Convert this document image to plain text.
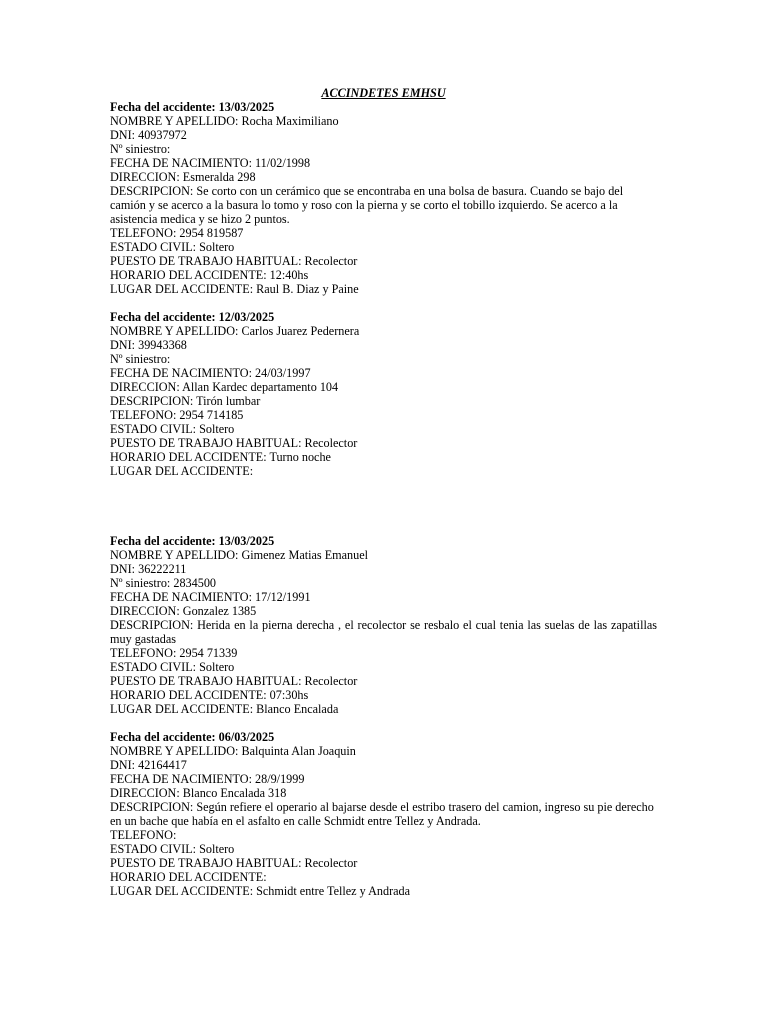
ACCINDETES EMHSU

Fecha del accidente: 13/03/2025

NOMBRE Y APELLIDO: Rocha Maximiliano

DNI: 40937972

Nº siniestro:

FECHA DE NACIMIENTO: 11/02/1998

DIRECCION: Esmeralda 298

DESCRIPCION: Se corto con un cerámico que se encontraba en una bolsa de basura. Cuando se bajo del camión y se acerco a la basura lo tomo y roso con la pierna y se corto el tobillo izquierdo. Se acerco a la asistencia medica y se hizo 2 puntos.

TELEFONO: 2954 819587

ESTADO CIVIL: Soltero

PUESTO DE TRABAJO HABITUAL: Recolector

HORARIO DEL ACCIDENTE: 12:40hs

LUGAR DEL ACCIDENTE: Raul B. Diaz y Paine

Fecha del accidente: 12/03/2025

NOMBRE Y APELLIDO: Carlos Juarez Pedernera

DNI: 39943368

Nº siniestro:

FECHA DE NACIMIENTO: 24/03/1997

DIRECCION: Allan Kardec departamento 104

DESCRIPCION: Tirón lumbar

TELEFONO: 2954 714185

ESTADO CIVIL: Soltero

PUESTO DE TRABAJO HABITUAL: Recolector

HORARIO DEL ACCIDENTE: Turno noche

LUGAR DEL ACCIDENTE:

Fecha del accidente: 13/03/2025

NOMBRE Y APELLIDO: Gimenez Matias Emanuel

DNI: 36222211

Nº siniestro: 2834500

FECHA DE NACIMIENTO: 17/12/1991

DIRECCION: Gonzalez 1385

DESCRIPCION: Herida en la pierna derecha , el recolector se resbalo el cual tenia las suelas de las zapatillas muy gastadas

TELEFONO: 2954 71339

ESTADO CIVIL: Soltero

PUESTO DE TRABAJO HABITUAL: Recolector

HORARIO DEL ACCIDENTE: 07:30hs

LUGAR DEL ACCIDENTE: Blanco Encalada

Fecha del accidente: 06/03/2025

NOMBRE Y APELLIDO: Balquinta Alan Joaquin

DNI: 42164417

FECHA DE NACIMIENTO: 28/9/1999

DIRECCION: Blanco Encalada 318

DESCRIPCION: Según refiere el operario al bajarse desde el estribo trasero del camion, ingreso su pie derecho en un bache que había en el asfalto en calle Schmidt entre Tellez y Andrada.

TELEFONO:

ESTADO CIVIL: Soltero

PUESTO DE TRABAJO HABITUAL: Recolector

HORARIO DEL ACCIDENTE:

LUGAR DEL ACCIDENTE: Schmidt entre Tellez y Andrada
